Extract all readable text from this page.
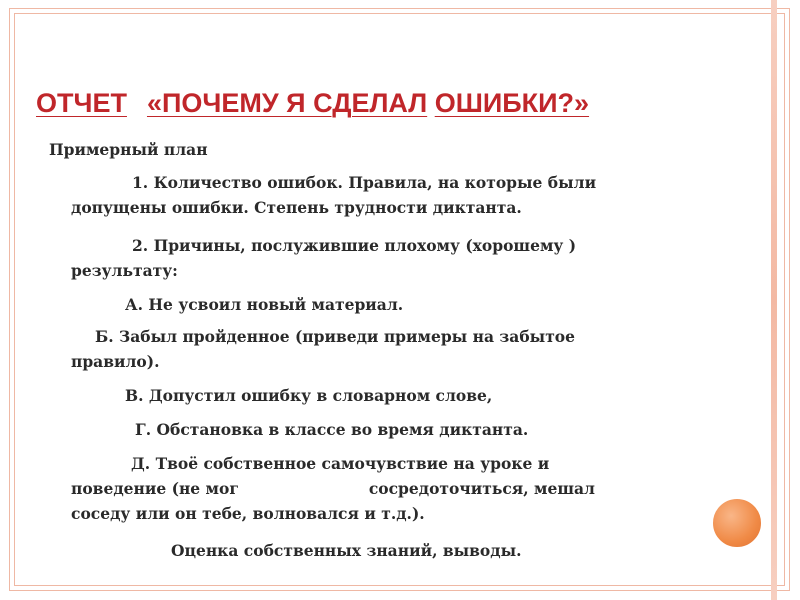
ОТЧЕТ «ПОЧЕМУ Я СДЕЛАЛ ОШИБКИ?»
Примерный план
1. Количество ошибок. Правила, на которые были
допущены ошибки. Степень трудности диктанта.
2. Причины, послужившие плохому (хорошему )
результату:
А. Не усвоил новый материал.
Б. Забыл пройденное (приведи примеры на забытое
правило).
В. Допустил ошибку в словарном слове,
Г. Обстановка в классе во время диктанта.
Д. Твоё собственное самочувствие на уроке и
поведение (не мог	сосредоточиться, мешал
соседу или он тебе, волновался и т.д.).
Оценка собственных знаний, выводы.
